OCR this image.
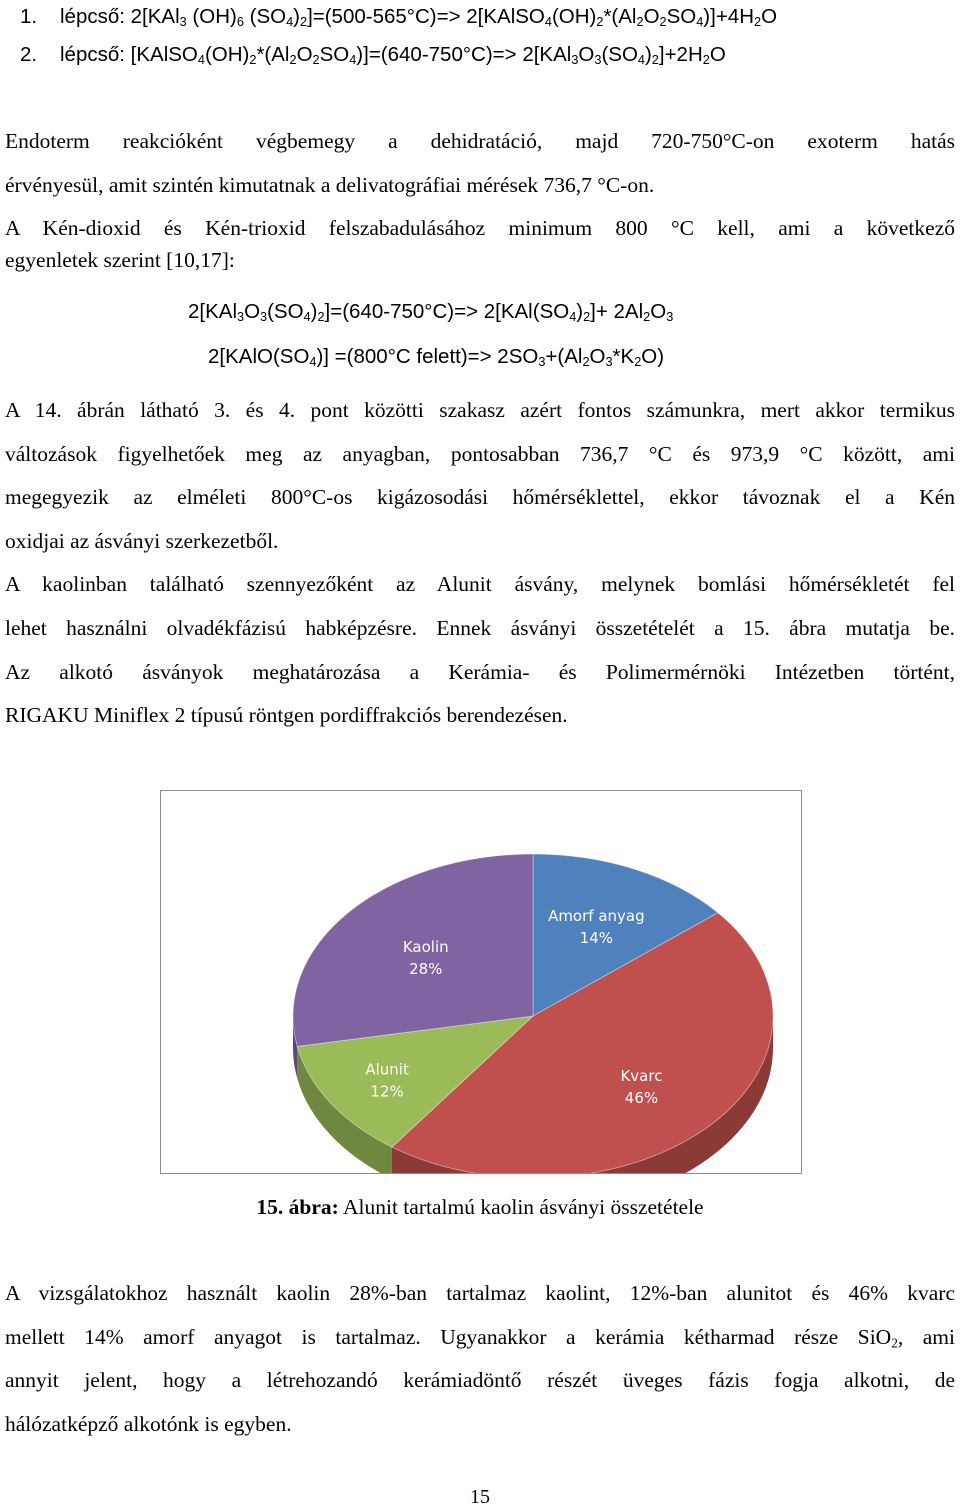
1. lépcső: 2[KAl$_3$ $(OH)_6$ $(SO_4)_2]=(500-565^\circ C)=>$ $2[KAlSO_4(OH)_2*(Al_2O_2SO_4)]+4H_2O$
2. lépcső: $[KAlSO_4(OH)_2*(Al_2O_2SO_4)]=(640-750^\circ C)=> 2[KAl_3O_3(SO_4)_2]+2H_2O$
Endoterm reakcióként végbemegy a dehidratáció, majd 720-750°C-on exoterm hatás
érvényesül, amit szintén kimutatnak a delivatográfiai mérések 736,7 °C-on.
A Kén-dioxid és Kén-trioxid felszabadulásához minimum 800 °C kell, ami a következő
egyenletek szerint [10,17]:
$2[KAl_3O_3(SO_4)_2]=(640-750^\circ C)=> 2[KAl(SO_4)_2]+ 2Al_2O_3$
$2[KAlO(SO_4)] =(800^\circ C$ felett)=> $2SO_3+(Al_2O_3*K_2O)$
A 14. ábrán látható 3. és 4. pont közötti szakasz azért fontos számunkra, mert akkor termikus
változások figyelhetőek meg az anyagban, pontosabban 736,7 °C és 973,9 °C között, ami
megegyezik az elméleti 800°C-os kigázosodási hőmérséklettel, ekkor távoznak el a Kén
oxidjai az ásványi szerkezetből.
A kaolinban található szennyezőként az Alunit ásvány, melynek bomlási hőmérsékletét fel
lehet használni olvadékfázisú habképzésre. Ennek ásványi összetételét a 15. ábra mutatja be.
Az alkotó ásványok meghatározása a Kerámia- és Polimermérnöki Intézetben történt,
RIGAKU Miniflex 2 típusú röntgen pordiffrakciós berendezésen.
Amorf anyag
14%
Kvarc
46%
Alunit
12%
Kaolin
28%
15. ábra: Alunit tartalmú kaolin ásványi összetétele
A vizsgálatokhoz használt kaolin 28%-ban tartalmaz kaolint, 12%-ban alunitot és 46% kvarc
mellett 14% amorf anyagot is tartalmaz. Ugyanakkor a kerámia kétharmad része SiO$_2$, ami
annyit jelent, hogy a létrehozandó kerámiadöntő részét üveges fázis fogja alkotni, de
hálózatképző alkotónk is egyben.
15
